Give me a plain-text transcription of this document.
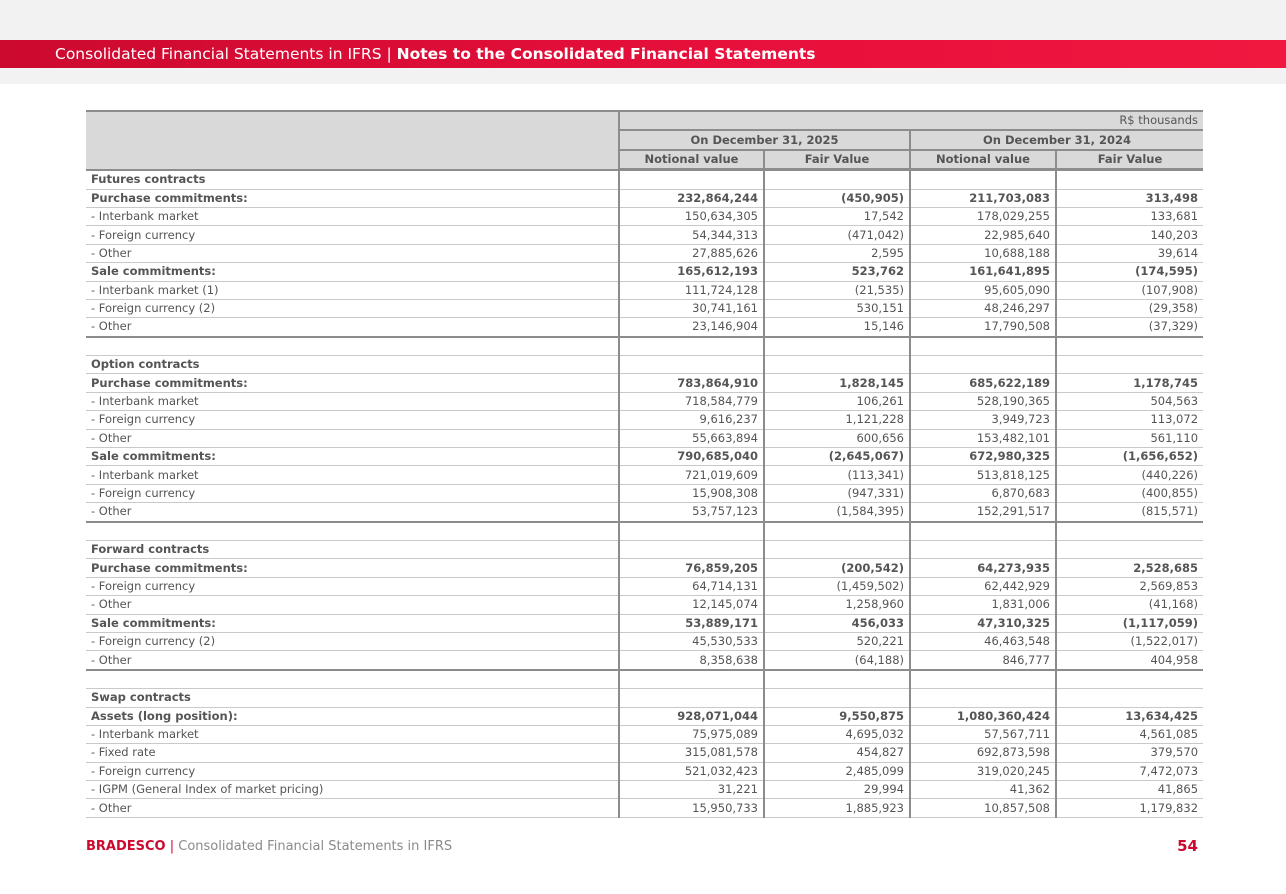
Consolidated Financial Statements in IFRS | Notes to the Consolidated Financial Statements
	R$ thousands			
	On December 31, 2025		On December 31, 2024	
	Notional value	Fair Value	Notional value	Fair Value
Futures contracts				
Purchase commitments:	232,864,244	(450,905)	211,703,083	313,498
- Interbank market	150,634,305	17,542	178,029,255	133,681
- Foreign currency	54,344,313	(471,042)	22,985,640	140,203
- Other	27,885,626	2,595	10,688,188	39,614
Sale commitments:	165,612,193	523,762	161,641,895	(174,595)
- Interbank market (1)	111,724,128	(21,535)	95,605,090	(107,908)
- Foreign currency (2)	30,741,161	530,151	48,246,297	(29,358)
- Other	23,146,904	15,146	17,790,508	(37,329)

Option contracts				
Purchase commitments:	783,864,910	1,828,145	685,622,189	1,178,745
- Interbank market	718,584,779	106,261	528,190,365	504,563
- Foreign currency	9,616,237	1,121,228	3,949,723	113,072
- Other	55,663,894	600,656	153,482,101	561,110
Sale commitments:	790,685,040	(2,645,067)	672,980,325	(1,656,652)
- Interbank market	721,019,609	(113,341)	513,818,125	(440,226)
- Foreign currency	15,908,308	(947,331)	6,870,683	(400,855)
- Other	53,757,123	(1,584,395)	152,291,517	(815,571)

Forward contracts				
Purchase commitments:	76,859,205	(200,542)	64,273,935	2,528,685
- Foreign currency	64,714,131	(1,459,502)	62,442,929	2,569,853
- Other	12,145,074	1,258,960	1,831,006	(41,168)
Sale commitments:	53,889,171	456,033	47,310,325	(1,117,059)
- Foreign currency (2)	45,530,533	520,221	46,463,548	(1,522,017)
- Other	8,358,638	(64,188)	846,777	404,958

Swap contracts				
Assets (long position):	928,071,044	9,550,875	1,080,360,424	13,634,425
- Interbank market	75,975,089	4,695,032	57,567,711	4,561,085
- Fixed rate	315,081,578	454,827	692,873,598	379,570
- Foreign currency	521,032,423	2,485,099	319,020,245	7,472,073
- IGPM (General Index of market pricing)	31,221	29,994	41,362	41,865
- Other	15,950,733	1,885,923	10,857,508	1,179,832
BRADESCO | Consolidated Financial Statements in IFRS	54
